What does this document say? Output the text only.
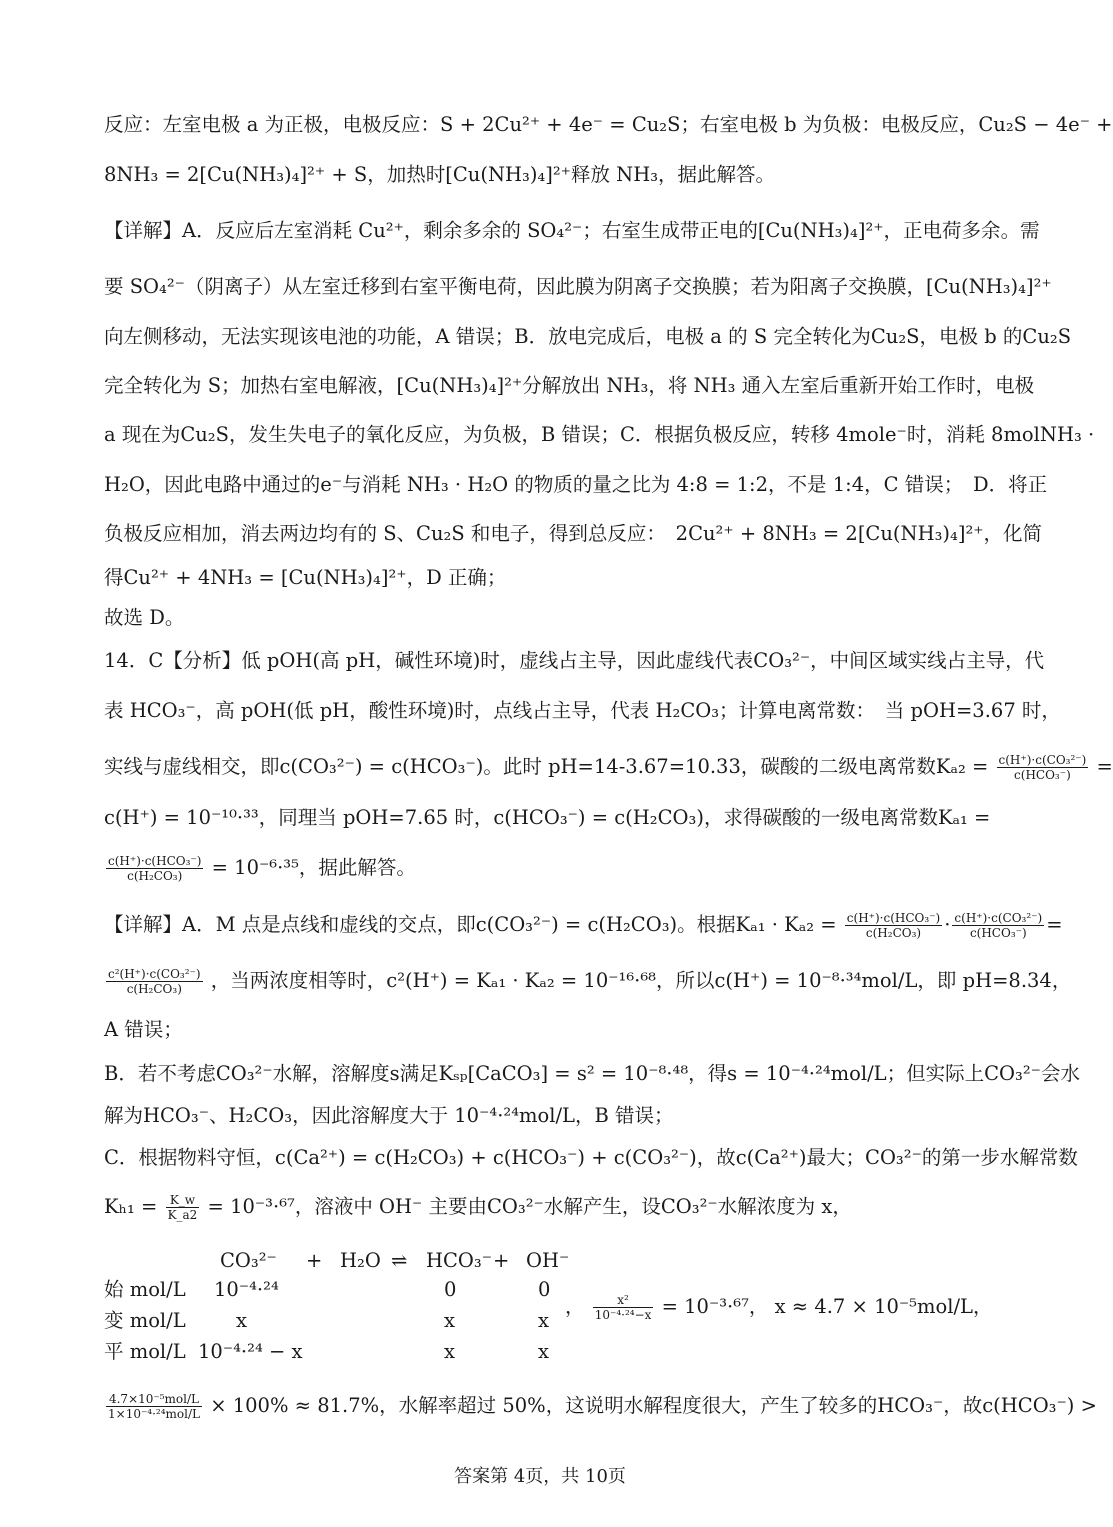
反应：左室电极 a 为正极，电极反应：S + 2Cu²⁺ + 4e⁻ = Cu₂S；右室电极 b 为负极：电极反应，Cu₂S − 4e⁻ +
8NH₃ = 2[Cu(NH₃)₄]²⁺ + S，加热时[Cu(NH₃)₄]²⁺释放 NH₃，据此解答。
【详解】A．反应后左室消耗 Cu²⁺，剩余多余的 SO₄²⁻；右室生成带正电的[Cu(NH₃)₄]²⁺，正电荷多余。需
要 SO₄²⁻（阴离子）从左室迁移到右室平衡电荷，因此膜为阴离子交换膜；若为阳离子交换膜，[Cu(NH₃)₄]²⁺
向左侧移动，无法实现该电池的功能，A 错误；B．放电完成后，电极 a 的 S 完全转化为Cu₂S，电极 b 的Cu₂S
完全转化为 S；加热右室电解液，[Cu(NH₃)₄]²⁺分解放出 NH₃，将 NH₃ 通入左室后重新开始工作时，电极
a 现在为Cu₂S，发生失电子的氧化反应，为负极，B 错误；C．根据负极反应，转移 4mole⁻时，消耗 8molNH₃ ·
H₂O，因此电路中通过的e⁻与消耗 NH₃ · H₂O 的物质的量之比为 4:8 = 1:2，不是 1:4，C 错误；　D．将正
负极反应相加，消去两边均有的 S、Cu₂S 和电子，得到总反应：　2Cu²⁺ + 8NH₃ = 2[Cu(NH₃)₄]²⁺，化简
得Cu²⁺ + 4NH₃ = [Cu(NH₃)₄]²⁺，D 正确；
故选 D。
14．C【分析】低 pOH(高 pH，碱性环境)时，虚线占主导，因此虚线代表CO₃²⁻，中间区域实线占主导，代
表 HCO₃⁻，高 pOH(低 pH，酸性环境)时，点线占主导，代表 H₂CO₃；计算电离常数：　当 pOH=3.67 时，
实线与虚线相交，即c(CO₃²⁻) = c(HCO₃⁻)。此时 pH=14-3.67=10.33，碳酸的二级电离常数$K_{a2} = \frac{\text{c(H⁺)·c(CO₃²⁻)}}{\text{c(HCO₃⁻)}}$ =
c(H⁺) = 10⁻¹⁰·³³，同理当 pOH=7.65 时，c(HCO₃⁻) = c(H₂CO₃)，求得碳酸的一级电离常数Kₐ₁ =
$\frac{\text{c(H⁺)·c(HCO₃⁻)}}{\text{c(H₂CO₃)}} = 10^{-6}\cdot^{35}$，据此解答。
【详解】A．M 点是点线和虚线的交点，即c(CO₃²⁻) = c(H₂CO₃)。根据$K_{a1} \cdot K_{a2} = \frac{\text{c(H⁺)·c(HCO₃⁻)}}{\text{c(H₂CO₃)}} \cdot \frac{\text{c(H⁺)·c(CO₃²⁻)}}{\text{c(HCO₃⁻)}}$ =
$\frac{\text{c²(H⁺)·c(CO₃²⁻)}}{\text{c(H₂CO₃)}}$ ，当两浓度相等时，c²(H⁺) = Kₐ₁ · Kₐ₂ = 10⁻¹⁶·⁶⁸，所以c(H⁺) = 10⁻⁸·³⁴mol/L，即 pH=8.34，
A 错误；
B．若不考虑CO₃²⁻水解，溶解度s满足Kₛₚ[CaCO₃] = s² = 10⁻⁸·⁴⁸，得s = 10⁻⁴·²⁴mol/L；但实际上CO₃²⁻会水
解为HCO₃⁻、H₂CO₃，因此溶解度大于 10⁻⁴·²⁴mol/L，B 错误；
C．根据物料守恒，c(Ca²⁺) = c(H₂CO₃) + c(HCO₃⁻) + c(CO₃²⁻)，故c(Ca²⁺)最大；CO₃²⁻的第一步水解常数
$K_{h1} = \frac{K\_w}{K\_a2} = 10^{-3}\cdot^{67}$，溶液中 OH⁻ 主要由CO₃²⁻水解产生，设CO₃²⁻水解浓度为 x，
CO₃²⁻ + H₂O ⇌ HCO₃⁻ + OH⁻
始 mol/L 10⁻⁴·²⁴	0	0
变 mol/L	x	x	x
平 mol/L 10⁻⁴·²⁴ − x	x	x
， $\frac{\text{x²}}{\text{10⁻⁴·²⁴−x}} = 10^{-3}\cdot^{67}$， x ≈ 4.7 × 10⁻⁵mol/L，
$\frac{\text{4.7×10⁻⁵mol/L}}{\text{1×10⁻⁴·²⁴mol/L}} \times 100\% \approx 81.7\%$，水解率超过 50%，这说明水解程度很大，产生了较多的HCO₃⁻，故c(HCO₃⁻) >
答案第 4页，共 10页
